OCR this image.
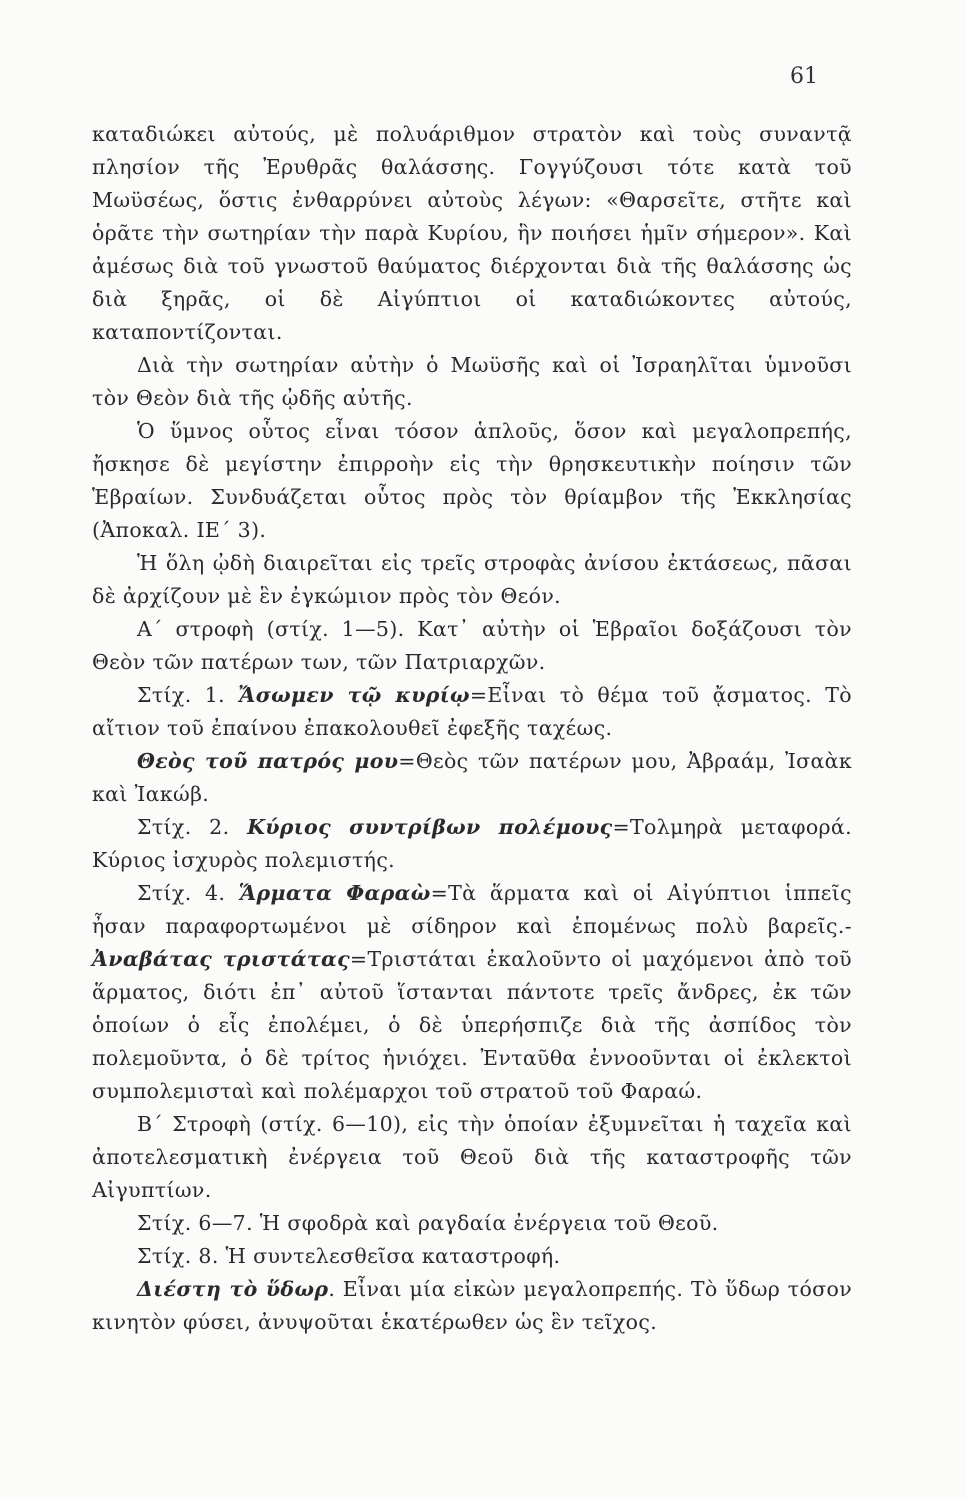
61

καταδιώκει αὐτούς, μὲ πολυάριθμον στρατὸν καὶ τοὺς συναντᾷ πλησίον τῆς Ἐρυθρᾶς θαλάσσης. Γογγύζουσι τότε κατὰ τοῦ Μωϋσέως, ὅστις ἐνθαρρύνει αὐτοὺς λέγων: «Θαρσεῖτε, στῆτε καὶ ὁρᾶτε τὴν σωτηρίαν τὴν παρὰ Κυρίου, ἣν ποιήσει ἡμῖν σήμερον». Καὶ ἀμέσως διὰ τοῦ γνωστοῦ θαύματος διέρχονται διὰ τῆς θαλάσσης ὡς διὰ ξηρᾶς, οἱ δὲ Αἰγύπτιοι οἱ καταδιώκοντες αὐτούς, καταποντίζονται.

Διὰ τὴν σωτηρίαν αὐτὴν ὁ Μωϋσῆς καὶ οἱ Ἰσραηλῖται ὑμνοῦσι τὸν Θεὸν διὰ τῆς ᾠδῆς αὐτῆς.

Ὁ ὕμνος οὗτος εἶναι τόσον ἁπλοῦς, ὅσον καὶ μεγαλοπρεπής, ἤσκησε δὲ μεγίστην ἐπιρροὴν εἰς τὴν θρησκευτικὴν ποίησιν τῶν Ἑβραίων. Συνδυάζεται οὗτος πρὸς τὸν θρίαμβον τῆς Ἐκκλησίας (Ἀποκαλ. ΙΕ΄ 3).

Ἡ ὅλη ᾠδὴ διαιρεῖται εἰς τρεῖς στροφὰς ἀνίσου ἐκτάσεως, πᾶσαι δὲ ἀρχίζουν μὲ ἓν ἐγκώμιον πρὸς τὸν Θεόν.

Α΄ στροφὴ (στίχ. 1—5). Κατ᾽ αὐτὴν οἱ Ἑβραῖοι δοξάζουσι τὸν Θεὸν τῶν πατέρων των, τῶν Πατριαρχῶν.

Στίχ. 1. Ἄσωμεν τῷ κυρίῳ=Εἶναι τὸ θέμα τοῦ ᾄσματος. Τὸ αἴτιον τοῦ ἐπαίνου ἐπακολουθεῖ ἐφεξῆς ταχέως.

Θεὸς τοῦ πατρός μου=Θεὸς τῶν πατέρων μου, Ἀβραάμ, Ἰσαὰκ καὶ Ἰακώβ.

Στίχ. 2. Κύριος συντρίβων πολέμους=Τολμηρὰ μεταφορά. Κύριος ἰσχυρὸς πολεμιστής.

Στίχ. 4. Ἅρματα Φαραὼ=Τὰ ἅρματα καὶ οἱ Αἰγύπτιοι ἱππεῖς ἦσαν παραφορτωμένοι μὲ σίδηρον καὶ ἑπομένως πολὺ βαρεῖς.-Ἀναβάτας τριστάτας=Τριστάται ἐκαλοῦντο οἱ μαχόμενοι ἀπὸ τοῦ ἅρματος, διότι ἐπ᾽ αὐτοῦ ἵστανται πάντοτε τρεῖς ἄνδρες, ἐκ τῶν ὁποίων ὁ εἷς ἐπολέμει, ὁ δὲ ὑπερήσπιζε διὰ τῆς ἀσπίδος τὸν πολεμοῦντα, ὁ δὲ τρίτος ἡνιόχει. Ἐνταῦθα ἐννοοῦνται οἱ ἐκλεκτοὶ συμπολεμισταὶ καὶ πολέμαρχοι τοῦ στρατοῦ τοῦ Φαραώ.

Β΄ Στροφὴ (στίχ. 6—10), εἰς τὴν ὁποίαν ἐξυμνεῖται ἡ ταχεῖα καὶ ἀποτελεσματικὴ ἐνέργεια τοῦ Θεοῦ διὰ τῆς καταστροφῆς τῶν Αἰγυπτίων.

Στίχ. 6—7. Ἡ σφοδρὰ καὶ ραγδαία ἐνέργεια τοῦ Θεοῦ.

Στίχ. 8. Ἡ συντελεσθεῖσα καταστροφή.

Διέστη τὸ ὕδωρ. Εἶναι μία εἰκὼν μεγαλοπρεπής. Τὸ ὕδωρ τόσον κινητὸν φύσει, ἀνυψοῦται ἑκατέρωθεν ὡς ἓν τεῖχος.
